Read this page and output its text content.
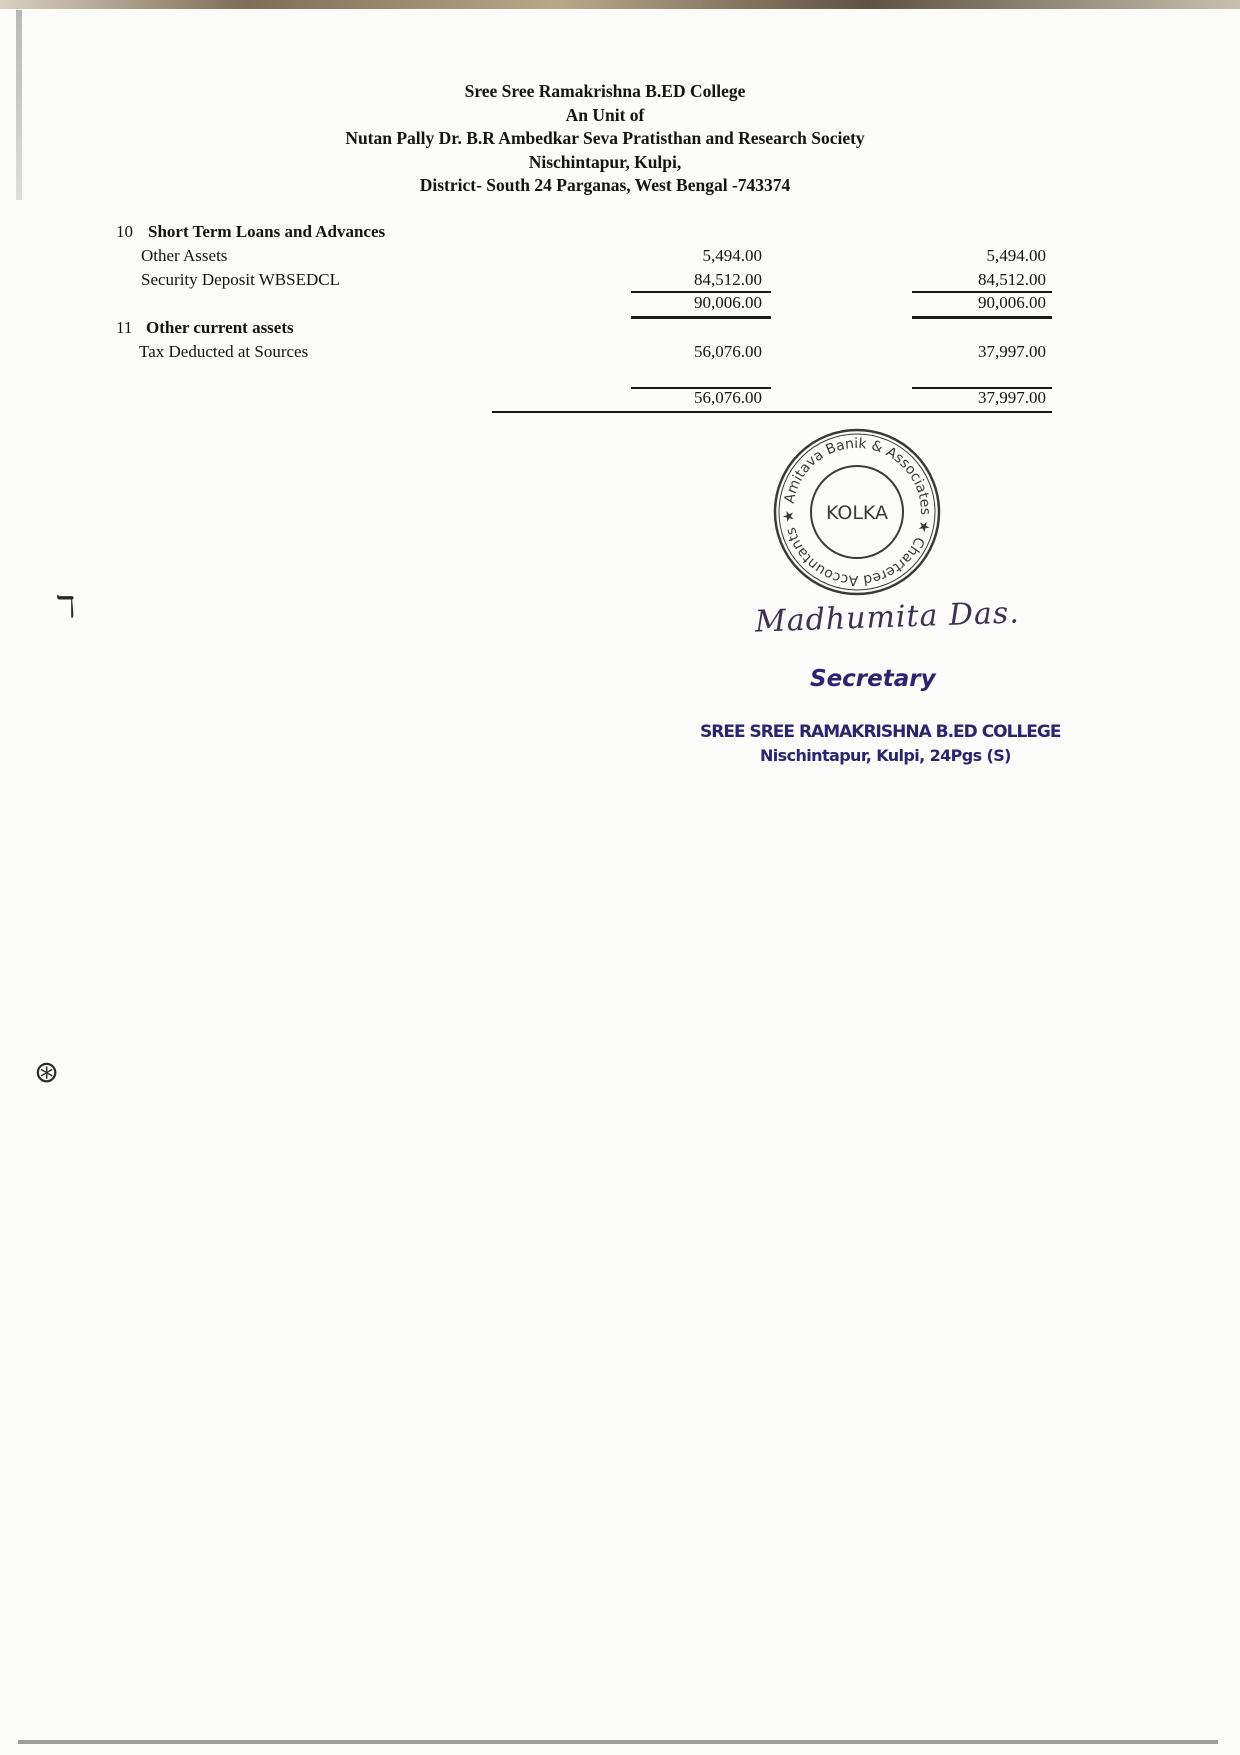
ℸ
⊛
Sree Sree Ramakrishna B.ED College
An Unit of
Nutan Pally Dr. B.R Ambedkar Seva Pratisthan and Research Society
Nischintapur, Kulpi,
District- South 24 Parganas, West Bengal -743374
10 Short Term Loans and Advances
Other Assets	5,494.00	5,494.00
Security Deposit WBSEDCL	84,512.00	84,512.00
90,006.00	90,006.00
11 Other current assets
Tax Deducted at Sources	56,076.00	37,997.00
56,076.00	37,997.00
Amitava Banik & Associates ★ Chartered Accountants ★	KOLKA
Madhumita Das.
Secretary
SREE SREE RAMAKRISHNA B.ED COLLEGE
Nischintapur, Kulpi, 24Pgs (S)
